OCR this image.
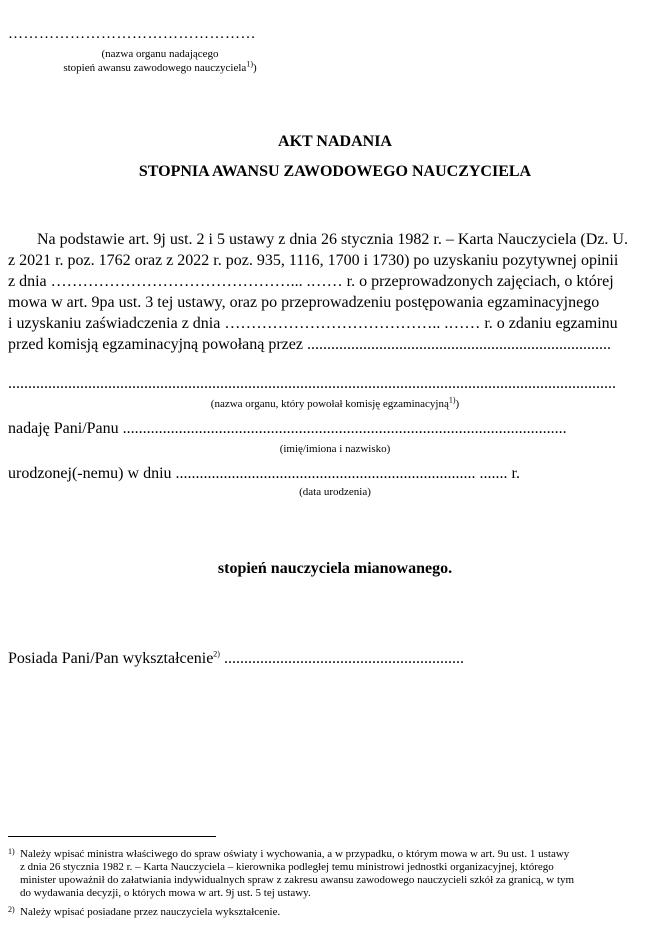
…………………………………………
(nazwa organu nadającego
stopień awansu zawodowego nauczyciela$^{1)}$)
AKT NADANIA
STOPNIA AWANSU ZAWODOWEGO NAUCZYCIELA
Na podstawie art. 9j ust. 2 i 5 ustawy z dnia 26 stycznia 1982 r. – Karta Nauczyciela (Dz. U.
z 2021 r. poz. 1762 oraz z 2022 r. poz. 935, 1116, 1700 i 1730) po uzyskaniu pozytywnej opinii
z dnia ………………………………………... .…… r. o przeprowadzonych zajęciach, o której
mowa w art. 9pa ust. 3 tej ustawy, oraz po przeprowadzeniu postępowania egzaminacyjnego
i uzyskaniu zaświadczenia z dnia ………………………………….. .…… r. o zdaniu egzaminu
przed komisją egzaminacyjną powołaną przez ............................................................................
........................................................................................................................................................
(nazwa organu, który powołał komisję egzaminacyjną$^{1)}$)
nadaję Pani/Panu ...............................................................................................................
(imię/imiona i nazwisko)
urodzonej(-nemu) w dniu ........................................................................... ....... r.
(data urodzenia)
stopień nauczyciela mianowanego.
Posiada Pani/Pan wykształcenie$^{2)}$ ............................................................
1) Należy wpisać ministra właściwego do spraw oświaty i wychowania, a w przypadku, o którym mowa w art. 9u ust. 1 ustawy
z dnia 26 stycznia 1982 r. – Karta Nauczyciela – kierownika podległej temu ministrowi jednostki organizacyjnej, którego
minister upoważnił do załatwiania indywidualnych spraw z zakresu awansu zawodowego nauczycieli szkół za granicą, w tym
do wydawania decyzji, o których mowa w art. 9j ust. 5 tej ustawy.
2) Należy wpisać posiadane przez nauczyciela wykształcenie.
